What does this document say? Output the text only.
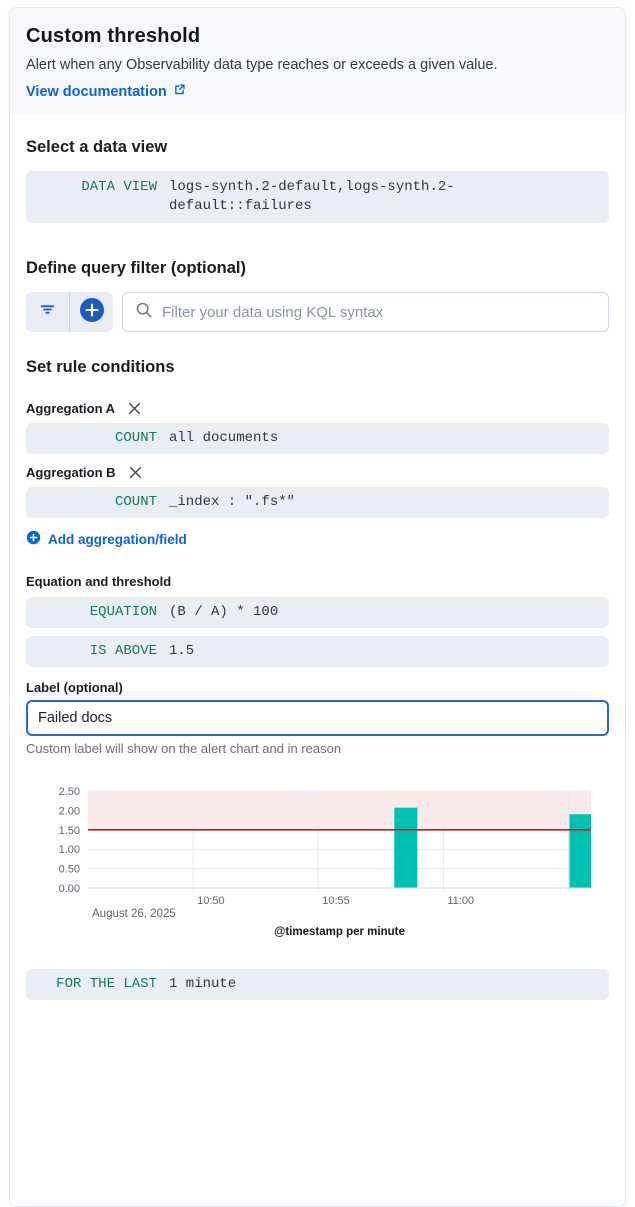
Custom threshold
Alert when any Observability data type reaches or exceeds a given value.
View documentation
Select a data view
DATA VIEW logs-synth.2-default,logs-synth.2-default::failures
Define query filter (optional)
Filter your data using KQL syntax
Set rule conditions
Aggregation A
COUNT all documents
Aggregation B
COUNT _index : ".fs*"
Add aggregation/field
Equation and threshold
EQUATION (B / A) * 100
IS ABOVE 1.5
Label (optional)
Failed docs
Custom label will show on the alert chart and in reason
0.00
0.50
1.00
1.50
2.00
2.50
10:50	10:55	11:00
August 26, 2025
@timestamp per minute
FOR THE LAST 1 minute
